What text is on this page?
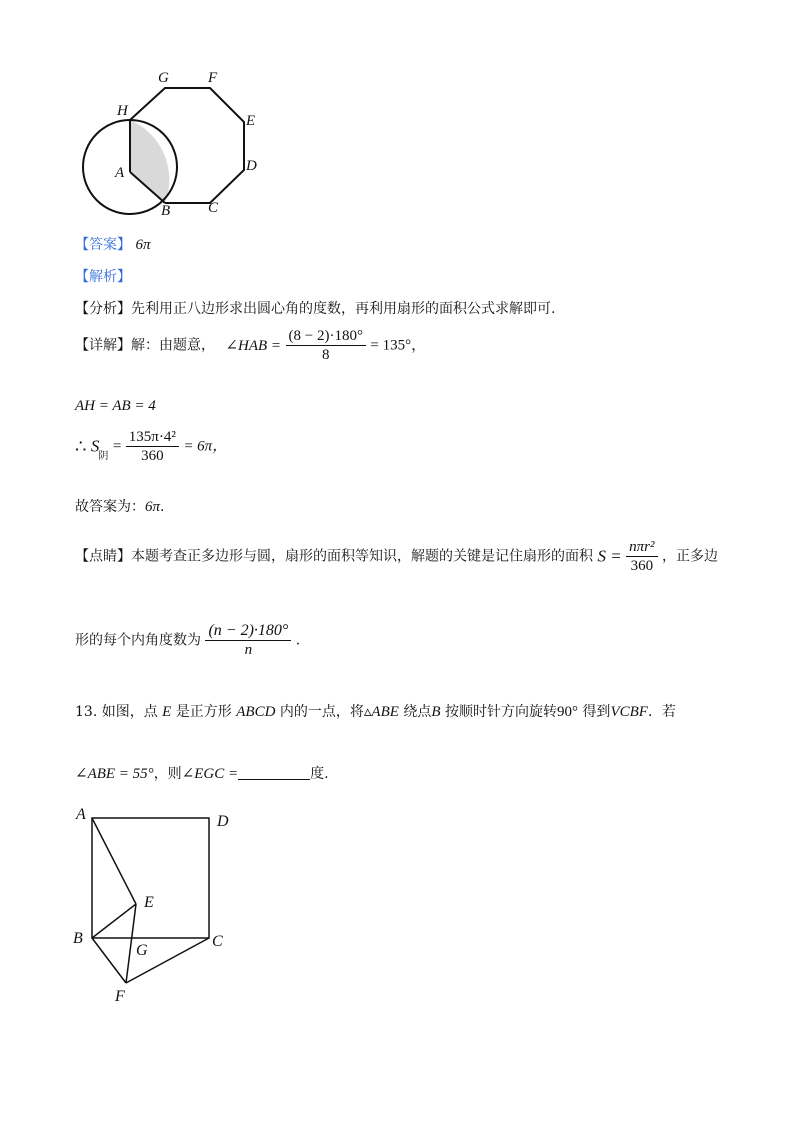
G	F
H
E
A	D
B	C
【答案】 6π
【解析】
【分析】先利用正八边形求出圆心角的度数，再利用扇形的面积公式求解即可.
【详解】解：由题意， ∠HAB = $\frac{(8 - 2)\cdot 180^\circ}{8} = 135^\circ$，
AH = AB = 4
∴ $S_阴 = \frac{\text{135π·4²}}{360} = 6\pi$，
故答案为：6π.
【点睛】本题考查正多边形与圆，扇形的面积等知识，解题的关键是记住扇形的面积 $S = \frac{\text{nπr²}}{360}$ ，正多边
形的每个内角度数为 $\frac{(n - 2)\cdot 180^\circ}{n}$ .
13. 如图，点 E 是正方形 ABCD 内的一点，将▵ABE 绕点B 按顺时针方向旋转90° 得到VCBF．若
∠ABE = 55°，则∠EGC =	度.
A	D
E
B
G
C
F
